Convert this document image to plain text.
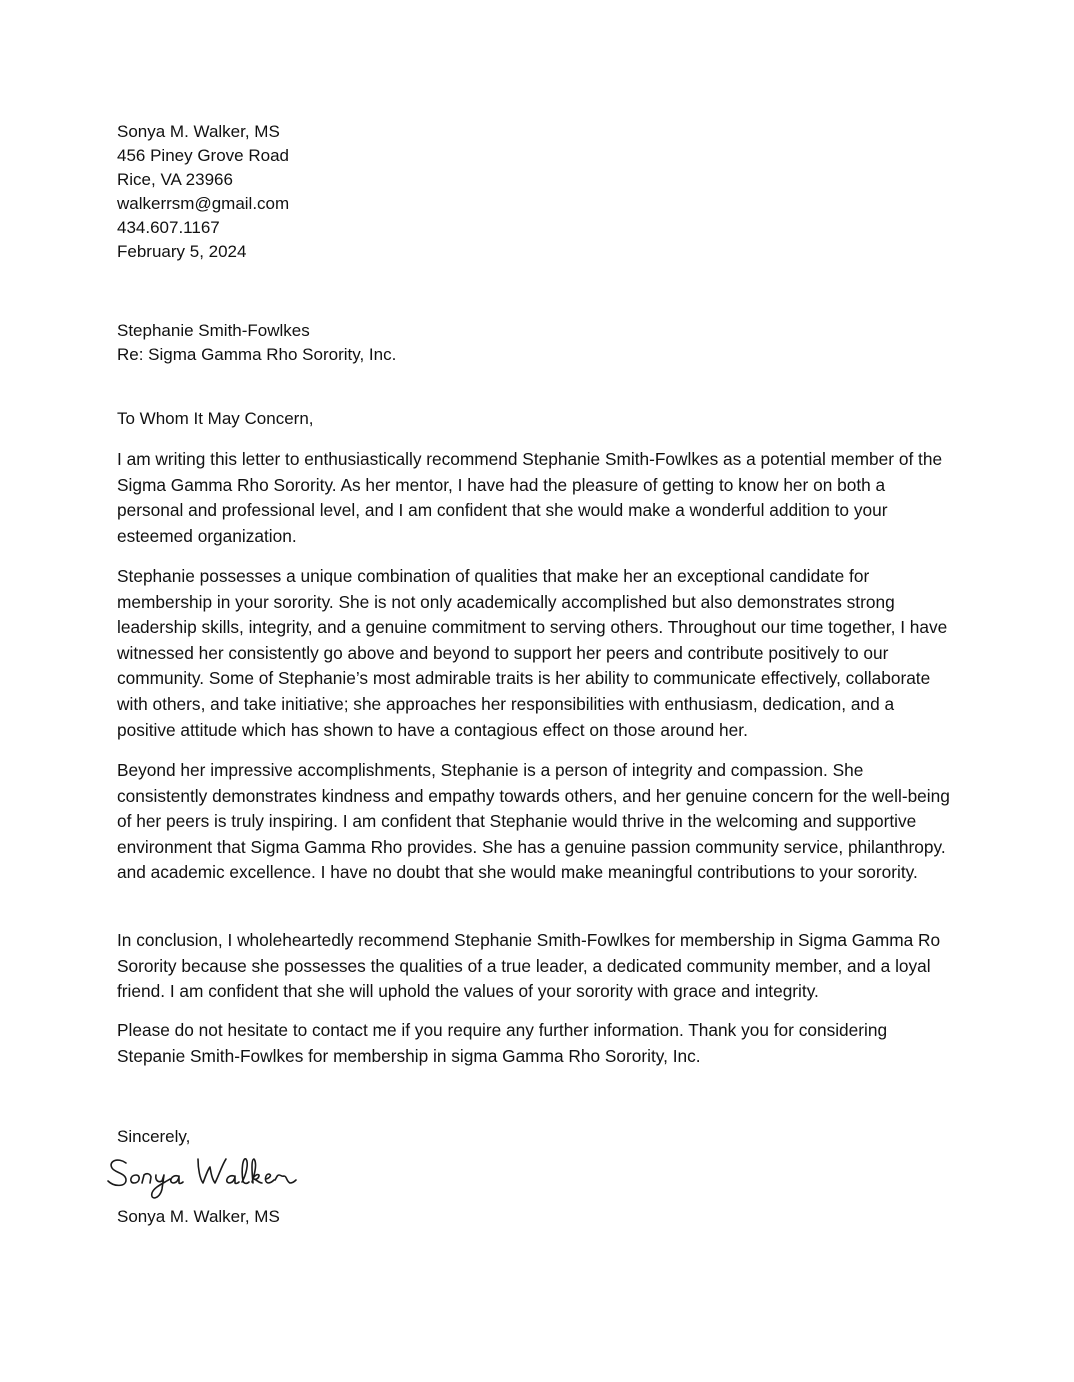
Sonya M. Walker, MS
456 Piney Grove Road
Rice, VA 23966
walkerrsm@gmail.com
434.607.1167
February 5, 2024
Stephanie Smith-Fowlkes
Re: Sigma Gamma Rho Sorority, Inc.
To Whom It May Concern,

I am writing this letter to enthusiastically recommend Stephanie Smith-Fowlkes as a potential member of the Sigma Gamma Rho Sorority. As her mentor, I have had the pleasure of getting to know her on both a personal and professional level, and I am confident that she would make a wonderful addition to your esteemed organization.

Stephanie possesses a unique combination of qualities that make her an exceptional candidate for membership in your sorority. She is not only academically accomplished but also demonstrates strong leadership skills, integrity, and a genuine commitment to serving others. Throughout our time together, I have witnessed her consistently go above and beyond to support her peers and contribute positively to our community. Some of Stephanie’s most admirable traits is her ability to communicate effectively, collaborate with others, and take initiative; she approaches her responsibilities with enthusiasm, dedication, and a positive attitude which has shown to have a contagious effect on those around her.

Beyond her impressive accomplishments, Stephanie is a person of integrity and compassion. She consistently demonstrates kindness and empathy towards others, and her genuine concern for the well-being of her peers is truly inspiring. I am confident that Stephanie would thrive in the welcoming and supportive environment that Sigma Gamma Rho provides. She has a genuine passion community service, philanthropy. and academic excellence. I have no doubt that she would make meaningful contributions to your sorority.

In conclusion, I wholeheartedly recommend Stephanie Smith-Fowlkes for membership in Sigma Gamma Ro Sorority because she possesses the qualities of a true leader, a dedicated community member, and a loyal friend. I am confident that she will uphold the values of your sorority with grace and integrity.

Please do not hesitate to contact me if you require any further information. Thank you for considering Stepanie Smith-Fowlkes for membership in sigma Gamma Rho Sorority, Inc.

Sincerely,
Sonya M. Walker, MS
